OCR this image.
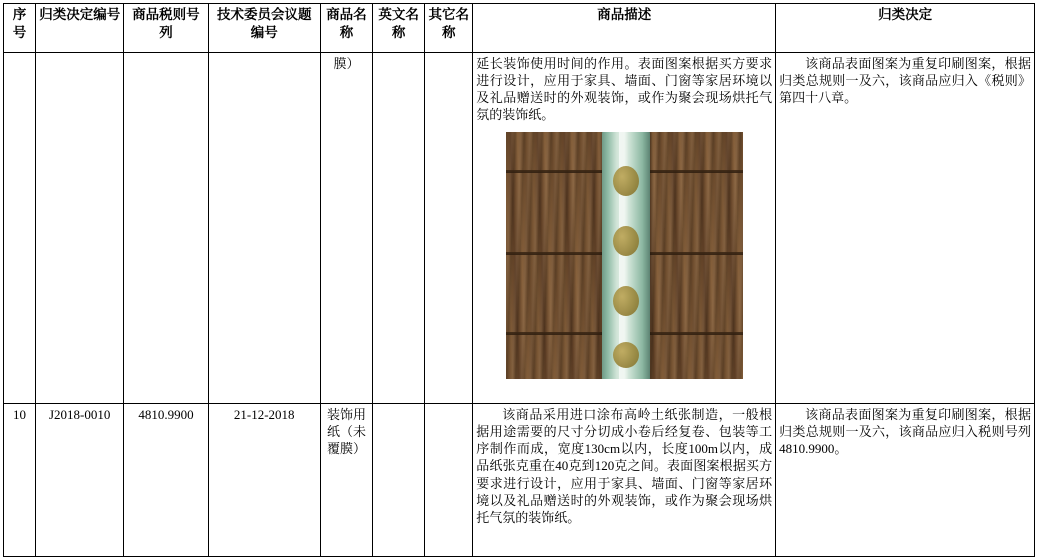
序号	归类决定编号	商品税则号列	技术委员会议题编号	商品名称	英文名称	其它名称	商品描述	归类决定
				膜）			延长装饰使用时间的作用。表面图案根据买方要求进行设计，应用于家具、墙面、门窗等家居环境以及礼品赠送时的外观装饰，或作为聚会现场烘托气氛的装饰纸。	该商品表面图案为重复印刷图案，根据归类总规则一及六，该商品应归入《税则》第四十八章。

10	J2018-0010	4810.9900	21-12-2018	装饰用纸（未覆膜）			该商品采用进口涂布高岭土纸张制造，一般根据用途需要的尺寸分切成小卷后经复卷、包装等工序制作而成，宽度130cm以内，长度100m以内，成品纸张克重在40克到120克之间。表面图案根据买方要求进行设计，应用于家具、墙面、门窗等家居环境以及礼品赠送时的外观装饰，或作为聚会现场烘托气氛的装饰纸。	该商品表面图案为重复印刷图案，根据归类总规则一及六，该商品应归入税则号列4810.9900。
